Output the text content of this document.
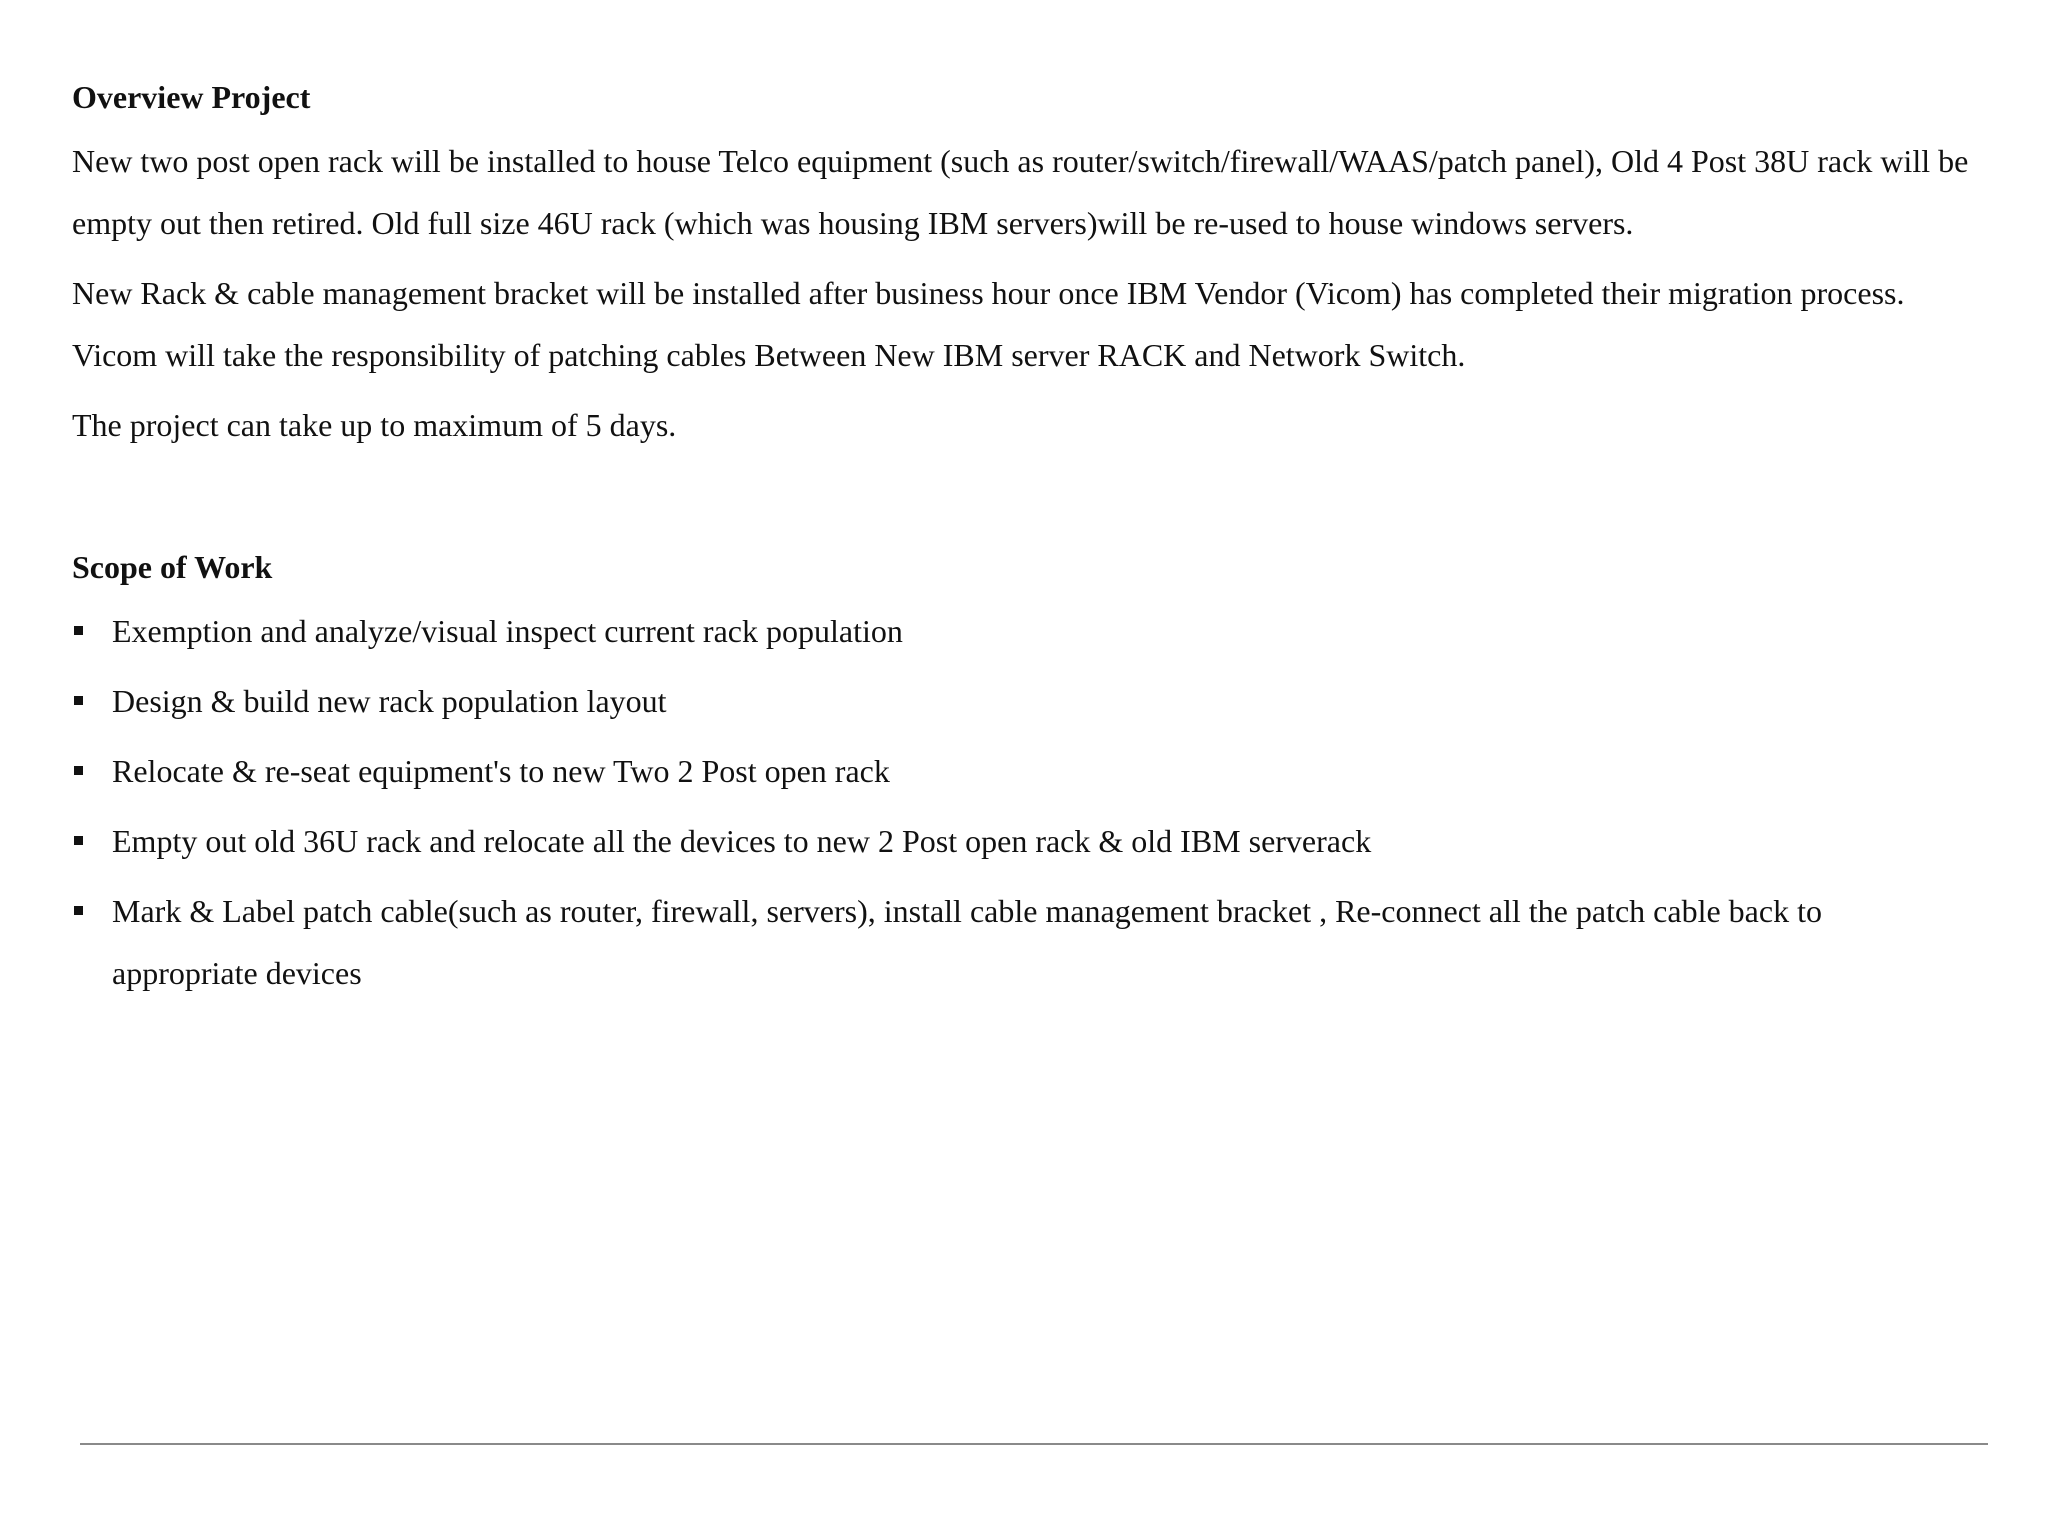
Overview Project

New two post open rack will be installed to house Telco equipment (such as router/switch/firewall/WAAS/patch panel), Old 4 Post 38U rack will be empty out then retired. Old full size 46U rack (which was housing IBM servers)will be re-used to house windows servers.

New Rack & cable management bracket will be installed after business hour once IBM Vendor (Vicom) has completed their migration process. Vicom will take the responsibility of patching cables Between New IBM server RACK and Network Switch.

The project can take up to maximum of 5 days.

Scope of Work
Exemption and analyze/visual inspect current rack population
Design & build new rack population layout
Relocate & re-seat equipment's to new Two 2 Post open rack
Empty out old 36U rack and relocate all the devices to new 2 Post open rack & old IBM serverack
Mark & Label patch cable(such as router, firewall, servers), install cable management bracket , Re-connect all the patch cable back to appropriate devices
